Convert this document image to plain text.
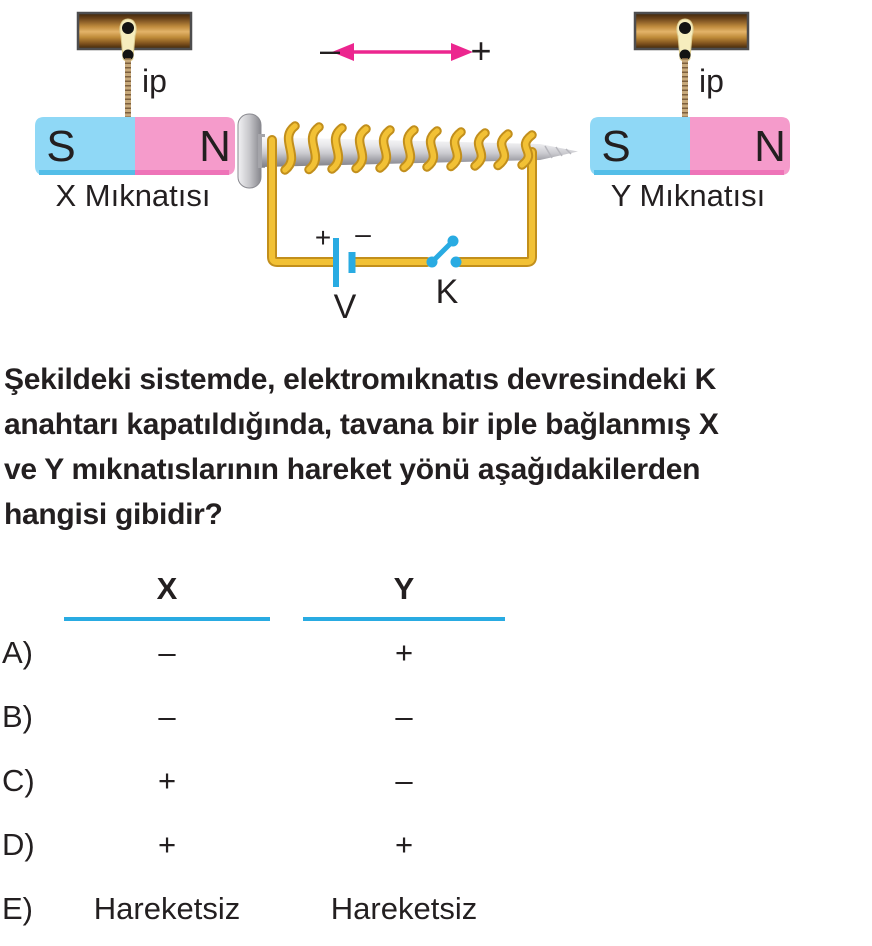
ip
S	N
X Mıknatısı
ip
S	N
Y Mıknatısı
–	+
+ –
V K
Şekildeki sistemde, elektromıknatıs devresindeki K
anahtarı kapatıldığında, tavana bir iple bağlanmış X
ve Y mıknatıslarının hareket yönü aşağıdakilerden
hangisi gibidir?
X	Y
A)	–	+
B)	–	–
C)	+	–
D)	+	+
E)	Hareketsiz	Hareketsiz
